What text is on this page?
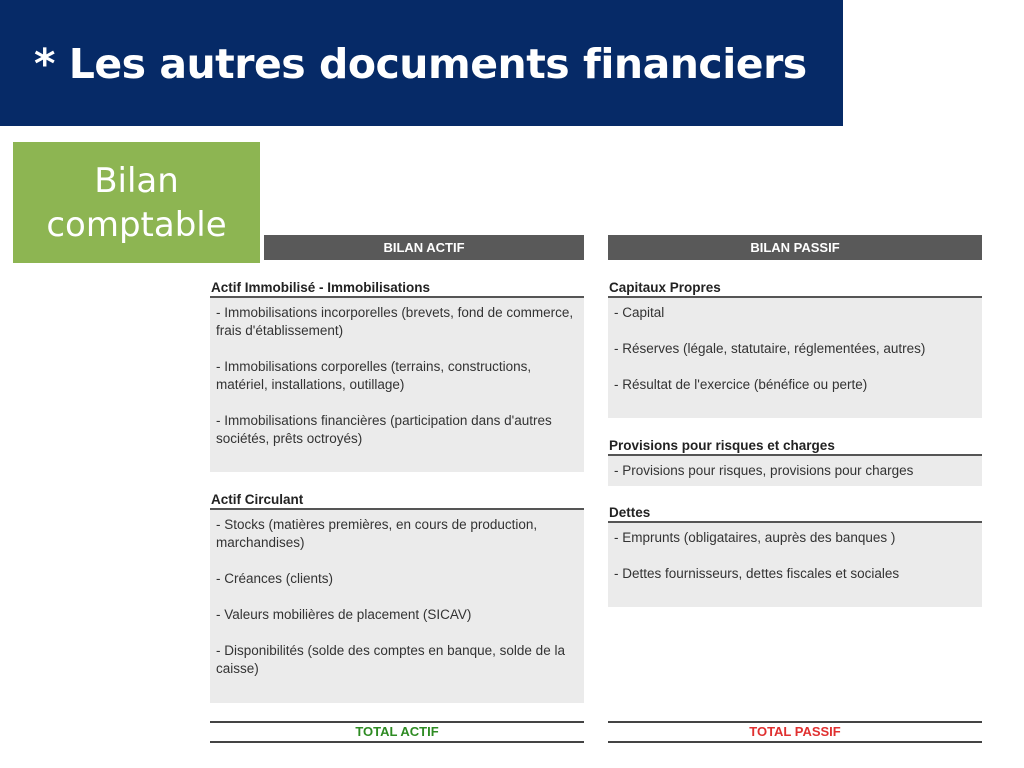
* Les autres documents financiers
Bilan
comptable
BILAN ACTIF
Actif Immobilisé - Immobilisations
- Immobilisations incorporelles (brevets, fond de commerce, frais d'établissement)
- Immobilisations corporelles (terrains, constructions, matériel, installations, outillage)
- Immobilisations financières (participation dans d'autres sociétés, prêts octroyés)
Actif Circulant
- Stocks (matières premières, en cours de production, marchandises)
- Créances (clients)
- Valeurs mobilières de placement (SICAV)
- Disponibilités (solde des comptes en banque, solde de la caisse)
TOTAL ACTIF
BILAN PASSIF
Capitaux Propres
- Capital
- Réserves (légale, statutaire, réglementées, autres)
- Résultat de l'exercice (bénéfice ou perte)
Provisions pour risques et charges
- Provisions pour risques, provisions pour charges
Dettes
- Emprunts (obligataires, auprès des banques )
- Dettes fournisseurs, dettes fiscales et sociales
TOTAL PASSIF
